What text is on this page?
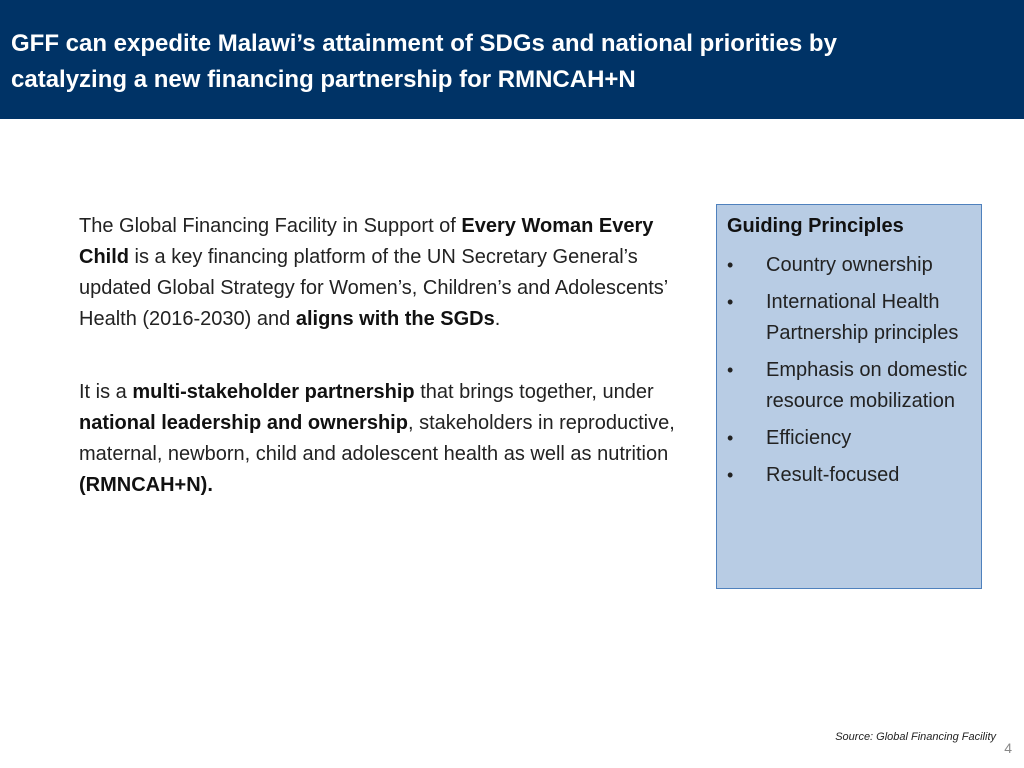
GFF can expedite Malawi’s attainment of SDGs and national priorities by
catalyzing a new financing partnership for RMNCAH+N

The Global Financing Facility in Support of Every Woman Every Child is a key financing platform of the UN Secretary General’s updated Global Strategy for Women’s, Children’s and Adolescents’ Health (2016-2030) and aligns with the SGDs.

It is a multi-stakeholder partnership that brings together, under national leadership and ownership, stakeholders in reproductive, maternal, newborn, child and adolescent health as well as nutrition (RMNCAH+N).

Guiding Principles
•	Country ownership
•	International Health Partnership principles
•	Emphasis on domestic resource mobilization
•	Efficiency
•	Result-focused
Source: Global Financing Facility
4
